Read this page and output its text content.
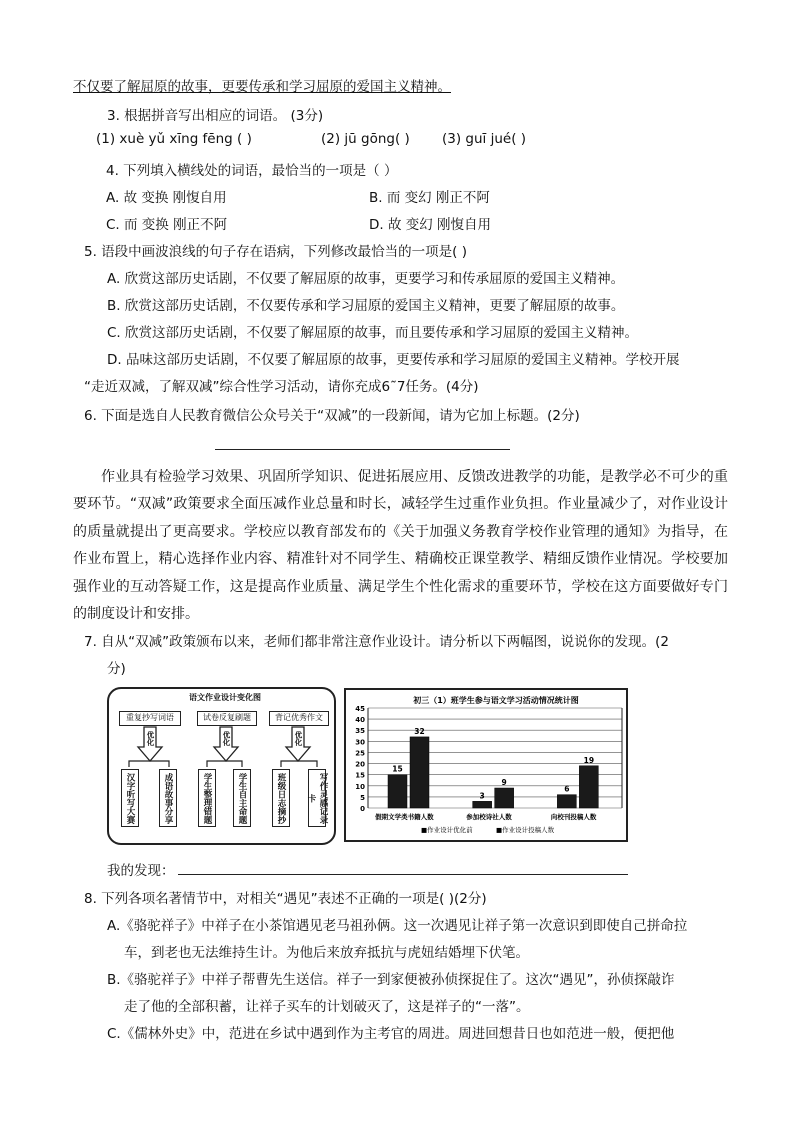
不仅要了解屈原的故事，更要传承和学习屈原的爱国主义精神。
3. 根据拼音写出相应的词语。 (3分)
(1) xuè yǔ xīng fēng ( )	(2) jū gōng( ) (3) guī jué( )
4. 下列填入横线处的词语，最恰当的一项是（ ）
A. 故 变换 刚愎自用	B. 而 变幻 刚正不阿
C. 而 变换 刚正不阿	D. 故 变幻 刚愎自用
5. 语段中画波浪线的句子存在语病，下列修改最恰当的一项是( )
A. 欣赏这部历史话剧，不仅要了解屈原的故事，更要学习和传承屈原的爱国主义精神。
B. 欣赏这部历史话剧，不仅要传承和学习屈原的爱国主义精神，更要了解屈原的故事。
C. 欣赏这部历史话剧，不仅要了解屈原的故事，而且要传承和学习屈原的爱国主义精神。
D. 品味这部历史话剧，不仅要了解屈原的故事，更要传承和学习屈原的爱国主义精神。学校开展
“走近双减，了解双减”综合性学习活动，请你充成6˜7任务。(4分)
6. 下面是选自人民教育微信公众号关于“双减”的一段新闻，请为它加上标题。(2分)

作业具有检验学习效果、巩固所学知识、促进拓展应用、反馈改进教学的功能，是教学必不可少的重要环节。“双减”政策要求全面压减作业总量和时长，减轻学生过重作业负担。作业量减少了，对作业设计的质量就提出了更高要求。学校应以教育部发布的《关于加强义务教育学校作业管理的通知》为指导，在作业布置上，精心选择作业内容、精准针对不同学生、精确校正课堂教学、精细反馈作业情况。学校要加强作业的互动答疑工作，这是提高作业质量、满足学生个性化需求的重要环节，学校在这方面要做好专门的制度设计和安排。

7. 自从“双减”政策颁布以来，老师们都非常注意作业设计。请分析以下两幅图，说说你的发现。(2
分)
语文作业设计变化图
重复抄写词语	试卷反复刷题	背记优秀作文
优化	优化	优化
汉字听写大赛	成语故事分享	学生整理错题	学生自主命题	班级日志摘抄	写作灵感记录卡
初三（1）班学生参与语文学习活动情况统计图
45
40
35
30
25
20
15
10
5
0
15
32
假期文学类书籍人数
3
9
参加校诗社人数
6
19
向校刊投稿人数
■作业设计优化前	■作业设计投稿人数
我的发现：
8. 下列各项名著情节中，对相关“遇见”表述不正确的一项是( )(2分)
A.《骆驼祥子》中祥子在小茶馆遇见老马祖孙俩。这一次遇见让祥子第一次意识到即使自己拼命拉
车，到老也无法维持生计。为他后来放弃抵抗与虎妞结婚埋下伏笔。
B.《骆驼祥子》中祥子帮曹先生送信。祥子一到家便被孙侦探捉住了。这次“遇见”，孙侦探敲诈
走了他的全部积蓄，让祥子买车的计划破灭了，这是祥子的“一落”。
C.《儒林外史》中，范进在乡试中遇到作为主考官的周进。周进回想昔日也如范进一般，便把他
